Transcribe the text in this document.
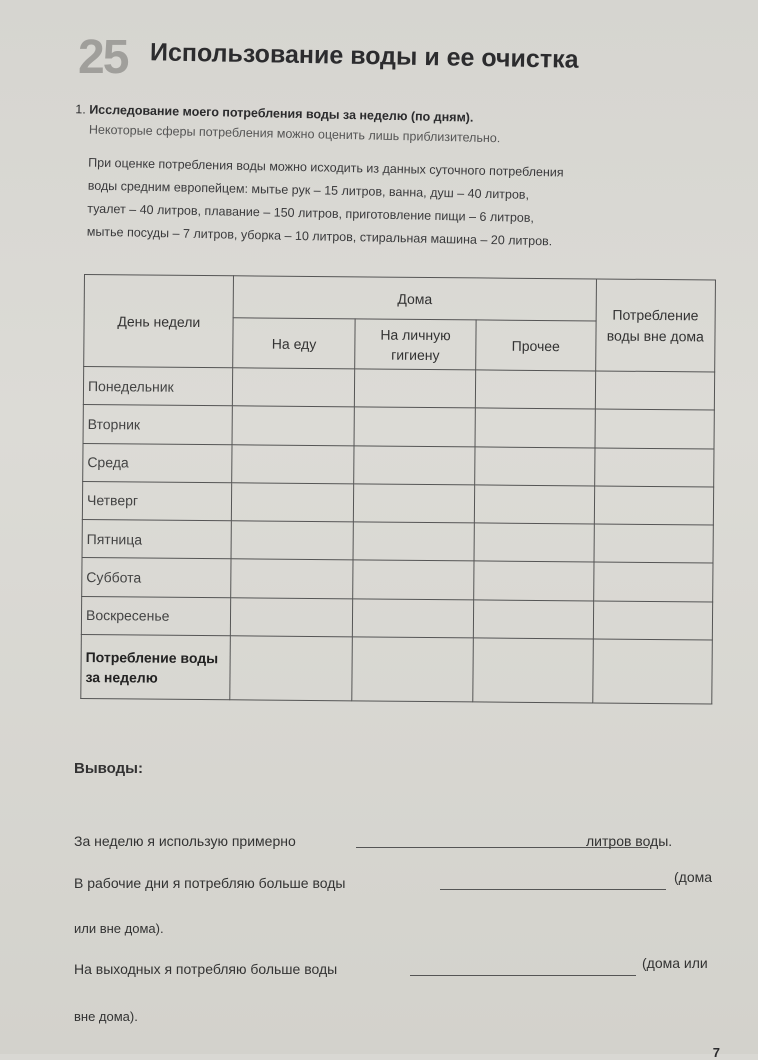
25 Использование воды и ее очистка
1. Исследование моего потребления воды за неделю (по дням).
Некоторые сферы потребления можно оценить лишь приблизительно.
При оценке потребления воды можно исходить из данных суточного потребления
воды средним европейцем: мытье рук – 15 литров, ванна, душ – 40 литров,
туалет – 40 литров, плавание – 150 литров, приготовление пищи – 6 литров,
мытье посуды – 7 литров, уборка – 10 литров, стиральная машина – 20 литров.
День недели	Дома			Потребление воды вне дома
	На еду	На личную гигиену	Прочее	
Понедельник				
Вторник				
Среда				
Четверг				
Пятница				
Суббота				
Воскресенье				
Потребление воды за неделю				
Выводы:
За неделю я использую примерно	литров воды.
В рабочие дни я потребляю больше воды	(дома
или вне дома).
На выходных я потребляю больше воды	(дома или
вне дома).
7
